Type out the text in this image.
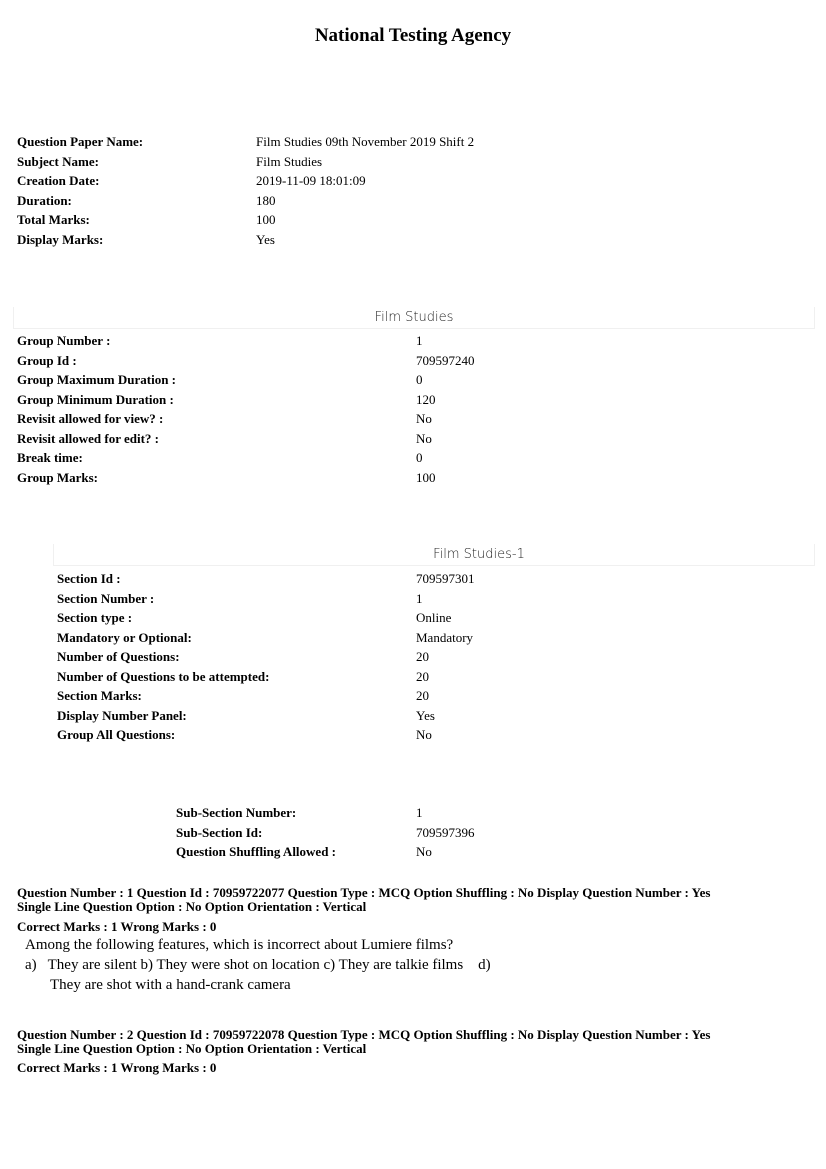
National Testing Agency
Question Paper Name:	Film Studies 09th November 2019 Shift 2
Subject Name:	Film Studies
Creation Date:	2019-11-09 18:01:09
Duration:	180
Total Marks:	100
Display Marks:	Yes
Film Studies
Group Number :	1
Group Id :	709597240
Group Maximum Duration :	0
Group Minimum Duration :	120
Revisit allowed for view? :	No
Revisit allowed for edit? :	No
Break time:	0
Group Marks:	100
Film Studies-1
Section Id :	709597301
Section Number :	1
Section type :	Online
Mandatory or Optional:	Mandatory
Number of Questions:	20
Number of Questions to be attempted:	20
Section Marks:	20
Display Number Panel:	Yes
Group All Questions:	No
Sub-Section Number:	1
Sub-Section Id:	709597396
Question Shuffling Allowed :	No
Question Number : 1 Question Id : 70959722077 Question Type : MCQ Option Shuffling : No Display Question Number : Yes
Single Line Question Option : No Option Orientation : Vertical
Correct Marks : 1 Wrong Marks : 0
Among the following features, which is incorrect about Lumiere films?
a)   They are silent b) They were shot on location c) They are talkie films    d)
They are shot with a hand-crank camera
Question Number : 2 Question Id : 70959722078 Question Type : MCQ Option Shuffling : No Display Question Number : Yes
Single Line Question Option : No Option Orientation : Vertical
Correct Marks : 1 Wrong Marks : 0
